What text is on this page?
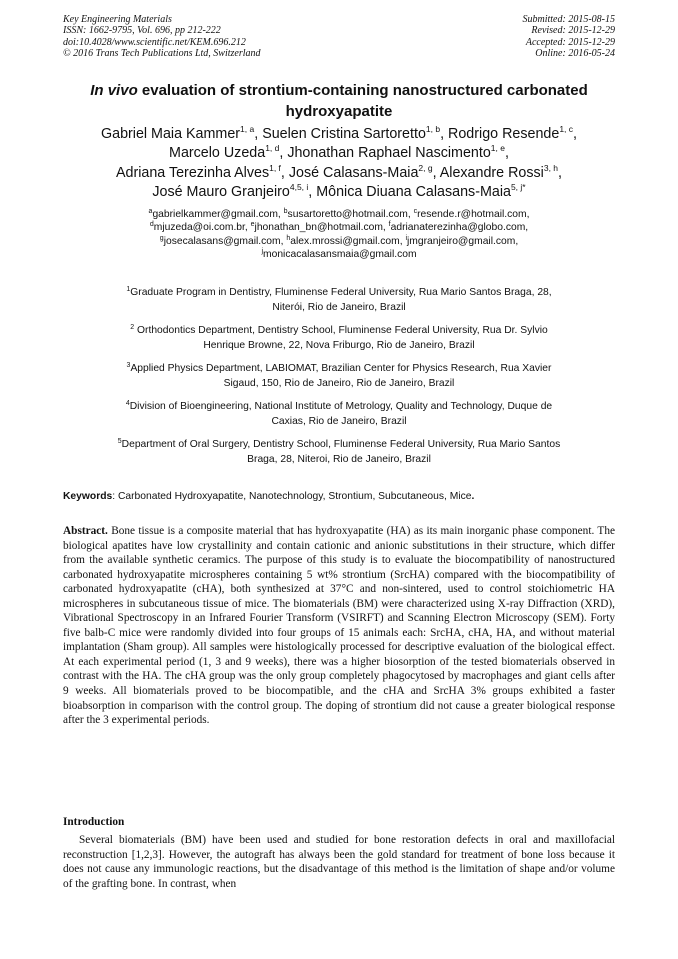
Key Engineering Materials
ISSN: 1662-9795, Vol. 696, pp 212-222
doi:10.4028/www.scientific.net/KEM.696.212
© 2016 Trans Tech Publications Ltd, Switzerland
Submitted: 2015-08-15
Revised: 2015-12-29
Accepted: 2015-12-29
Online: 2016-05-24
In vivo evaluation of strontium-containing nanostructured carbonated hydroxyapatite
Gabriel Maia Kammer$^{1, a}$, Suelen Cristina Sartoretto$^{1, b}$, Rodrigo Resende$^{1, c}$,
Marcelo Uzeda$^{1, d}$, Jhonathan Raphael Nascimento$^{1, e}$,
Adriana Terezinha Alves$^{1, f}$, José Calasans-Maia$^{2, g}$, Alexandre Rossi$^{3, h}$,
José Mauro Granjeiro$^{4,5, i}$, Mônica Diuana Calasans-Maia$^{5, j*}$
$^a$gabrielkammer@gmail.com, $^b$susartoretto@hotmail.com, $^c$resende.r@hotmail.com,
$^d$mjuzeda@oi.com.br, $^e$jhonathan_bn@hotmail.com, $^f$adrianaterezinha@globo.com,
$^g$josecalasans@gmail.com, $^h$alex.mrossi@gmail.com, $^i$jmgranjeiro@gmail.com,
$^j$monicacalasansmaia@gmail.com
$^1$Graduate Program in Dentistry, Fluminense Federal University, Rua Mario Santos Braga, 28,
Niterói, Rio de Janeiro, Brazil
$^2$ Orthodontics Department, Dentistry School, Fluminense Federal University, Rua Dr. Sylvio
Henrique Browne, 22, Nova Friburgo, Rio de Janeiro, Brazil
$^3$Applied Physics Department, LABIOMAT, Brazilian Center for Physics Research, Rua Xavier
Sigaud, 150, Rio de Janeiro, Rio de Janeiro, Brazil
$^4$Division of Bioengineering, National Institute of Metrology, Quality and Technology, Duque de
Caxias, Rio de Janeiro, Brazil
$^5$Department of Oral Surgery, Dentistry School, Fluminense Federal University, Rua Mario Santos
Braga, 28, Niteroi, Rio de Janeiro, Brazil
Keywords: Carbonated Hydroxyapatite, Nanotechnology, Strontium, Subcutaneous, Mice.
Abstract. Bone tissue is a composite material that has hydroxyapatite (HA) as its main inorganic phase component. The biological apatites have low crystallinity and contain cationic and anionic substitutions in their structure, which differ from the available synthetic ceramics. The purpose of this study is to evaluate the biocompatibility of nanostructured carbonated hydroxyapatite microspheres containing 5 wt% strontium (SrcHA) compared with the biocompatibility of carbonated hydroxyapatite (cHA), both synthesized at 37°C and non-sintered, used to control stoichiometric HA microspheres in subcutaneous tissue of mice. The biomaterials (BM) were characterized using X-ray Diffraction (XRD), Vibrational Spectroscopy in an Infrared Fourier Transform (VSIRFT) and Scanning Electron Microscopy (SEM). Forty five balb-C mice were randomly divided into four groups of 15 animals each: SrcHA, cHA, HA, and without material implantation (Sham group). All samples were histologically processed for descriptive evaluation of the biological effect. At each experimental period (1, 3 and 9 weeks), there was a higher biosorption of the tested biomaterials observed in contrast with the HA. The cHA group was the only group completely phagocytosed by macrophages and giant cells after 9 weeks. All biomaterials proved to be biocompatible, and the cHA and SrcHA 3% groups exhibited a faster bioabsorption in comparison with the control group. The doping of strontium did not cause a greater biological response after the 3 experimental periods.
Introduction
Several biomaterials (BM) have been used and studied for bone restoration defects in oral and maxillofacial reconstruction [1,2,3]. However, the autograft has always been the gold standard for treatment of bone loss because it does not cause any immunologic reactions, but the disadvantage of this method is the limitation of shape and/or volume of the grafting bone. In contrast, when
